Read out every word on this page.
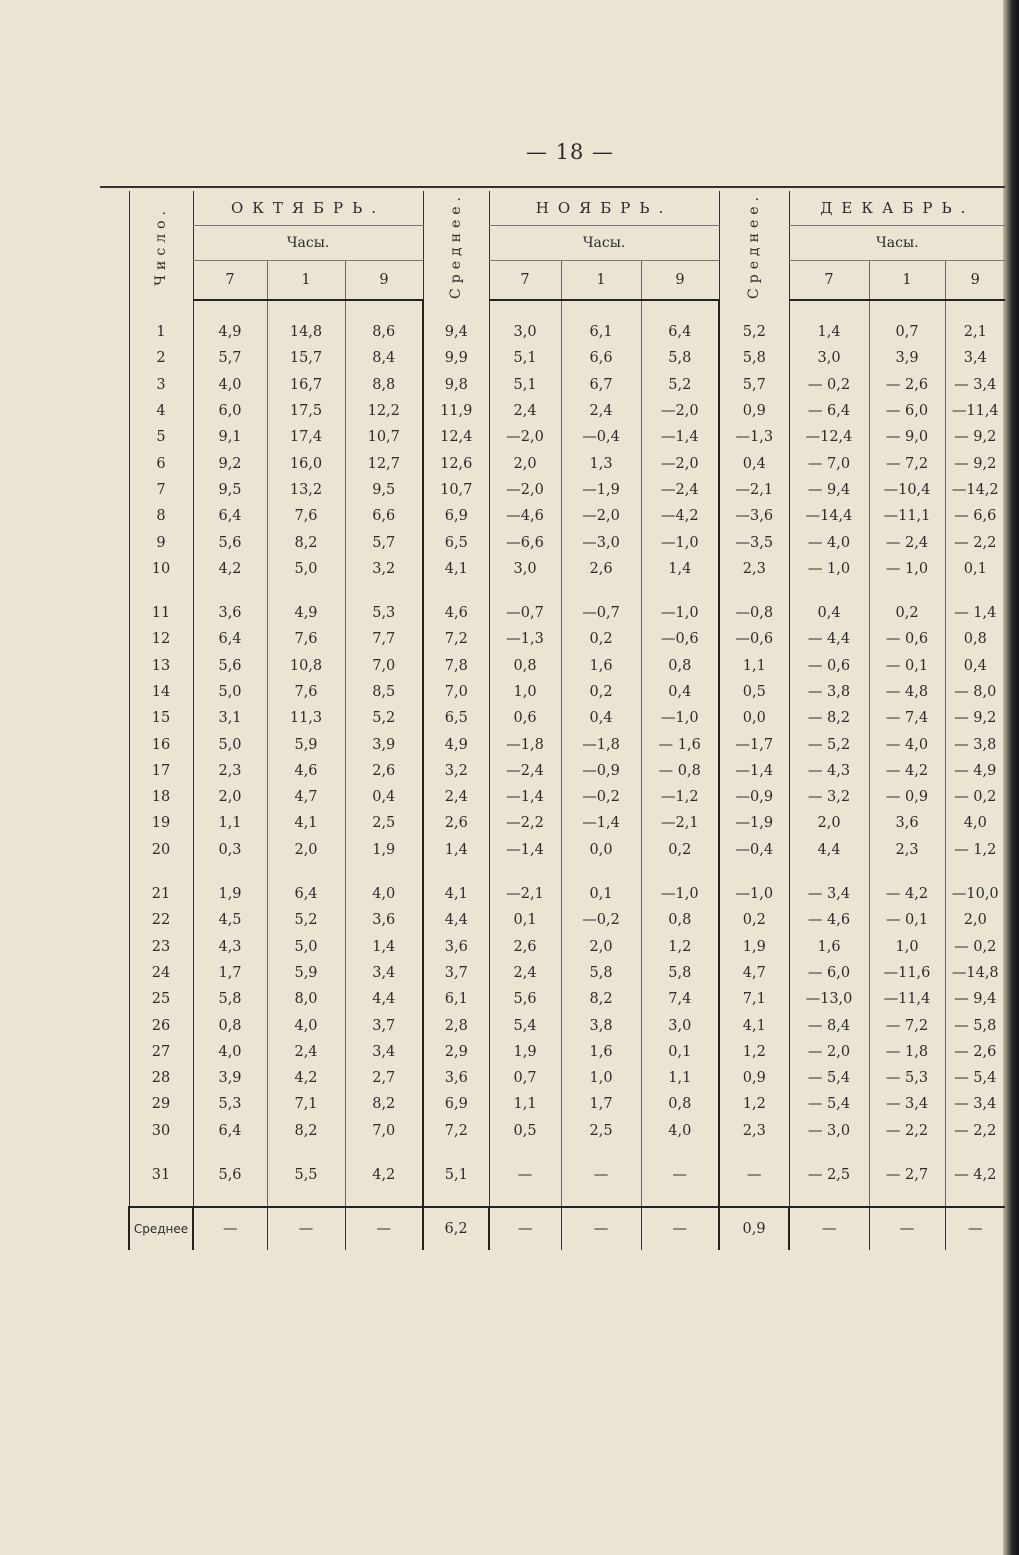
— 18 —
Число.	ОКТЯБРЬ.			Среднее.	НОЯБРЬ.			Среднее.	ДЕКАБРЬ.		
	Часы.				Часы.				Часы.		
	7	1	9		7	1	9		7	1	9

1	4,9	14,8	8,6	9,4	3,0	6,1	6,4	5,2	1,4	0,7	2,1
2	5,7	15,7	8,4	9,9	5,1	6,6	5,8	5,8	3,0	3,9	3,4
3	4,0	16,7	8,8	9,8	5,1	6,7	5,2	5,7	— 0,2	— 2,6	— 3,4
4	6,0	17,5	12,2	11,9	2,4	2,4	—2,0	0,9	— 6,4	— 6,0	—11,4
5	9,1	17,4	10,7	12,4	—2,0	—0,4	—1,4	—1,3	—12,4	— 9,0	— 9,2
6	9,2	16,0	12,7	12,6	2,0	1,3	—2,0	0,4	— 7,0	— 7,2	— 9,2
7	9,5	13,2	9,5	10,7	—2,0	—1,9	—2,4	—2,1	— 9,4	—10,4	—14,2
8	6,4	7,6	6,6	6,9	—4,6	—2,0	—4,2	—3,6	—14,4	—11,1	— 6,6
9	5,6	8,2	5,7	6,5	—6,6	—3,0	—1,0	—3,5	— 4,0	— 2,4	— 2,2
10	4,2	5,0	3,2	4,1	3,0	2,6	1,4	2,3	— 1,0	— 1,0	0,1

11	3,6	4,9	5,3	4,6	—0,7	—0,7	—1,0	—0,8	0,4	0,2	— 1,4
12	6,4	7,6	7,7	7,2	—1,3	0,2	—0,6	—0,6	— 4,4	— 0,6	0,8
13	5,6	10,8	7,0	7,8	0,8	1,6	0,8	1,1	— 0,6	— 0,1	0,4
14	5,0	7,6	8,5	7,0	1,0	0,2	0,4	0,5	— 3,8	— 4,8	— 8,0
15	3,1	11,3	5,2	6,5	0,6	0,4	—1,0	0,0	— 8,2	— 7,4	— 9,2
16	5,0	5,9	3,9	4,9	—1,8	—1,8	— 1,6	—1,7	— 5,2	— 4,0	— 3,8
17	2,3	4,6	2,6	3,2	—2,4	—0,9	— 0,8	—1,4	— 4,3	— 4,2	— 4,9
18	2,0	4,7	0,4	2,4	—1,4	—0,2	—1,2	—0,9	— 3,2	— 0,9	— 0,2
19	1,1	4,1	2,5	2,6	—2,2	—1,4	—2,1	—1,9	2,0	3,6	4,0
20	0,3	2,0	1,9	1,4	—1,4	0,0	0,2	—0,4	4,4	2,3	— 1,2

21	1,9	6,4	4,0	4,1	—2,1	0,1	—1,0	—1,0	— 3,4	— 4,2	—10,0
22	4,5	5,2	3,6	4,4	0,1	—0,2	0,8	0,2	— 4,6	— 0,1	2,0
23	4,3	5,0	1,4	3,6	2,6	2,0	1,2	1,9	1,6	1,0	— 0,2
24	1,7	5,9	3,4	3,7	2,4	5,8	5,8	4,7	— 6,0	—11,6	—14,8
25	5,8	8,0	4,4	6,1	5,6	8,2	7,4	7,1	—13,0	—11,4	— 9,4
26	0,8	4,0	3,7	2,8	5,4	3,8	3,0	4,1	— 8,4	— 7,2	— 5,8
27	4,0	2,4	3,4	2,9	1,9	1,6	0,1	1,2	— 2,0	— 1,8	— 2,6
28	3,9	4,2	2,7	3,6	0,7	1,0	1,1	0,9	— 5,4	— 5,3	— 5,4
29	5,3	7,1	8,2	6,9	1,1	1,7	0,8	1,2	— 5,4	— 3,4	— 3,4
30	6,4	8,2	7,0	7,2	0,5	2,5	4,0	2,3	— 3,0	— 2,2	— 2,2

31	5,6	5,5	4,2	5,1	—	—	—	—	— 2,5	— 2,7	— 4,2

Среднее	—	—	—	6,2	—	—	—	0,9	—	—	—
